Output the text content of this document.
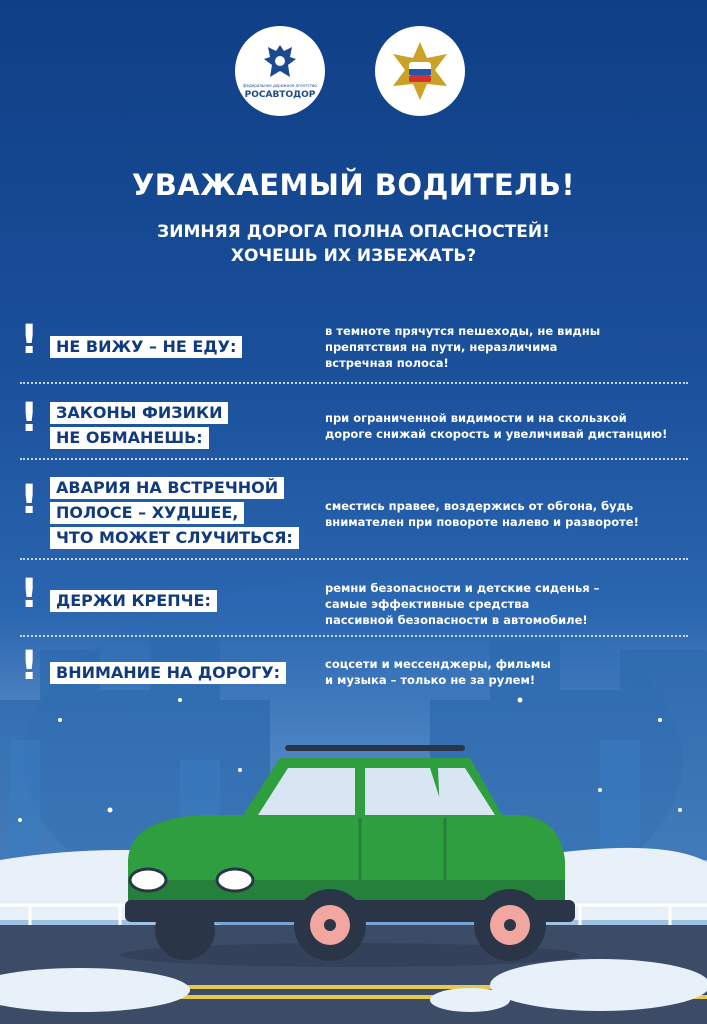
федеральное дорожное агентство
РОСАВТОДОР
УВАЖАЕМЫЙ ВОДИТЕЛЬ!
ЗИМНЯЯ ДОРОГА ПОЛНА ОПАСНОСТЕЙ!
ХОЧЕШЬ ИХ ИЗБЕЖАТЬ?
!	НЕ ВИЖУ – НЕ ЕДУ:
в темноте прячутся пешеходы, не видны
препятствия на пути, неразличима
встречная полоса!
!	ЗАКОНЫ ФИЗИКИ
НЕ ОБМАНЕШЬ:
при ограниченной видимости и на скользкой
дороге снижай скорость и увеличивай дистанцию!
!	АВАРИЯ НА ВСТРЕЧНОЙ
ПОЛОСЕ – ХУДШЕЕ,
ЧТО МОЖЕТ СЛУЧИТЬСЯ:
сместись правее, воздержись от обгона, будь
внимателен при повороте налево и развороте!
!	ДЕРЖИ КРЕПЧЕ:
ремни безопасности и детские сиденья –
самые эффективные средства
пассивной безопасности в автомобиле!
!	ВНИМАНИЕ НА ДОРОГУ:	соцсети и мессенджеры, фильмы
и музыка – только не за рулем!
